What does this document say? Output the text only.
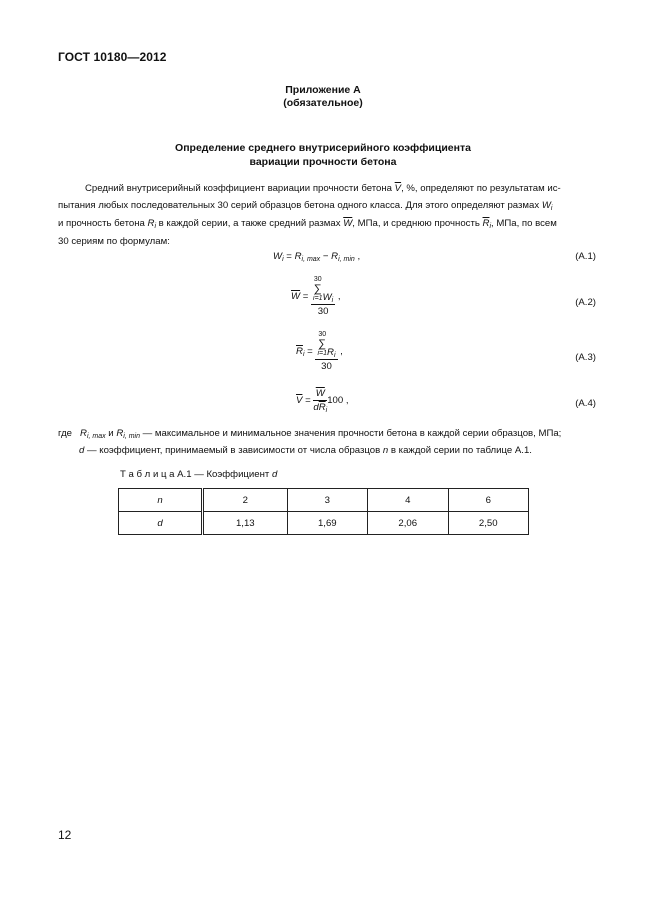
ГОСТ 10180—2012
Приложение А
(обязательное)
Определение среднего внутрисерийного коэффициента
вариации прочности бетона
Средний внутрисерийный коэффициент вариации прочности бетона $\overline{V}$, %, определяют по результатам ис-
пытания любых последовательных 30 серий образцов бетона одного класса. Для этого определяют размах $W_i$
и прочность бетона $R_i$ в каждой серии, а также средний размах $\overline{W}$, МПа, и среднюю прочность $\overline{R}_i$, МПа, по всем
30 сериям по формулам:
$W_i = R_{i, max} - R_{i, min}$ ,	(А.1)
$\overline{W} = 30$
∑
i=1 $W_i$
30 ,
(А.2)
$\overline{R}_i = 30$
∑
i=1 $R_i$
30 ,
(А.3)
$\overline{V} = \frac{\overline{W}}{d\overline{R}_i} 100$ ,	(А.4)
где $R_{i, max}$ и $R_{i, min}$ — максимальное и минимальное значения прочности бетона в каждой серии образцов, МПа;
d — коэффициент, принимаемый в зависимости от числа образцов n в каждой серии по таблице А.1.
Т а б л и ц а А.1 — Коэффициент d
n	2	3	4	6
d	1,13	1,69	2,06	2,50
12
